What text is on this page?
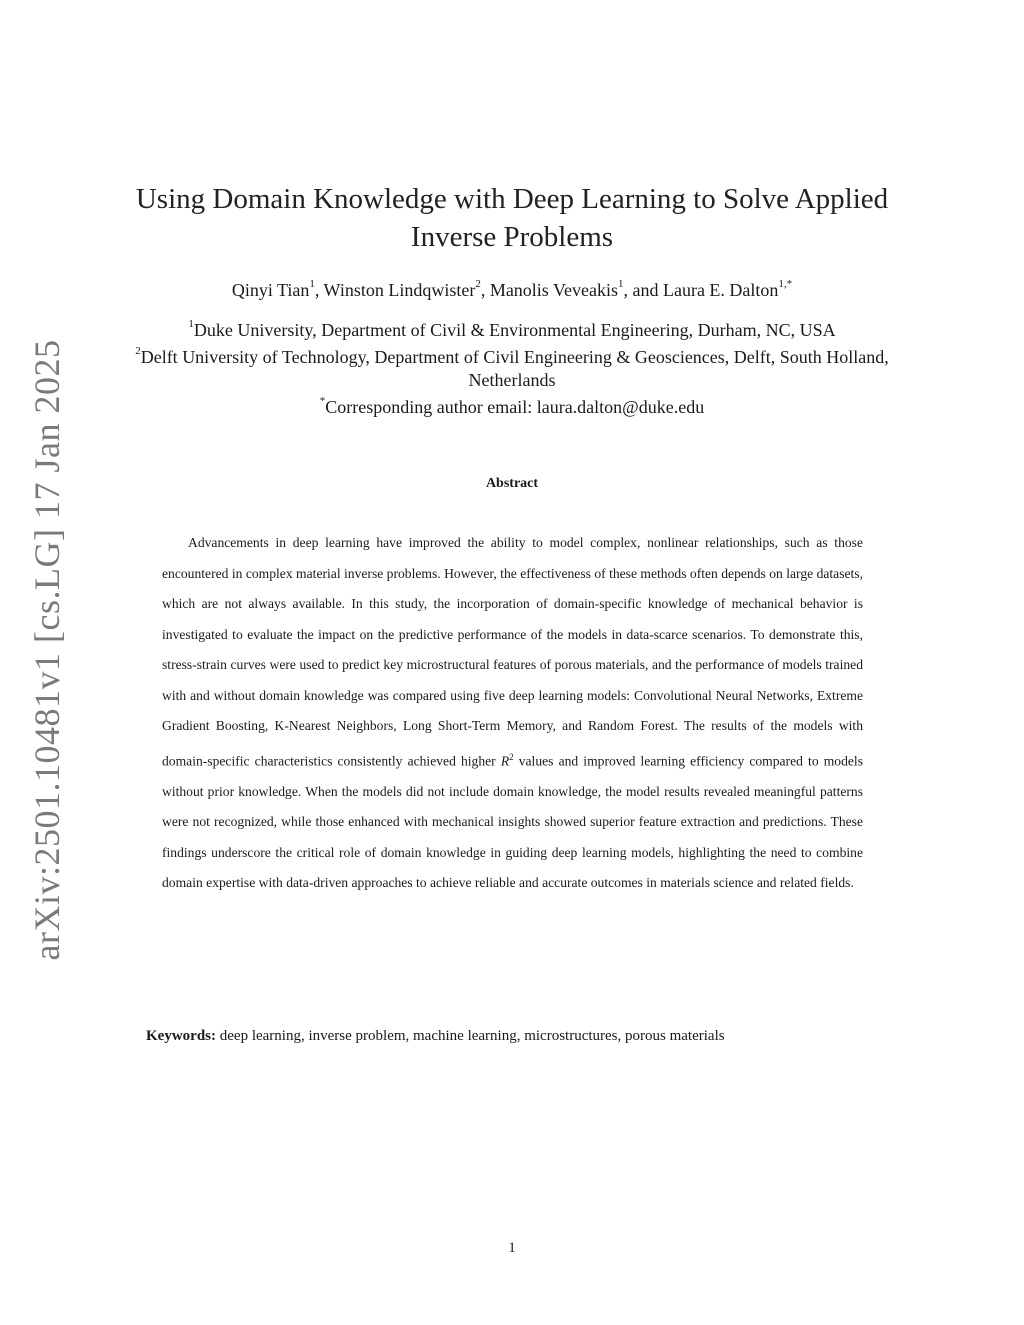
arXiv:2501.10481v1 [cs.LG] 17 Jan 2025
Using Domain Knowledge with Deep Learning to Solve Applied Inverse Problems
Qinyi Tian$^1$, Winston Lindqwister$^2$, Manolis Veveakis$^1$, and Laura E. Dalton$^{1,*}$
$^1$Duke University, Department of Civil & Environmental Engineering, Durham, NC, USA
$^2$Delft University of Technology, Department of Civil Engineering & Geosciences, Delft, South Holland, Netherlands
*Corresponding author email: laura.dalton@duke.edu
Abstract
Advancements in deep learning have improved the ability to model complex, nonlinear relationships, such as those encountered in complex material inverse problems. However, the effectiveness of these methods often depends on large datasets, which are not always available. In this study, the incorporation of domain-specific knowledge of mechanical behavior is investigated to evaluate the impact on the predictive performance of the models in data-scarce scenarios. To demonstrate this, stress-strain curves were used to predict key microstructural features of porous materials, and the performance of models trained with and without domain knowledge was compared using five deep learning models: Convolutional Neural Networks, Extreme Gradient Boosting, K-Nearest Neighbors, Long Short-Term Memory, and Random Forest. The results of the models with domain-specific characteristics consistently achieved higher $R^2$ values and improved learning efficiency compared to models without prior knowledge. When the models did not include domain knowledge, the model results revealed meaningful patterns were not recognized, while those enhanced with mechanical insights showed superior feature extraction and predictions. These findings underscore the critical role of domain knowledge in guiding deep learning models, highlighting the need to combine domain expertise with data-driven approaches to achieve reliable and accurate outcomes in materials science and related fields.
Keywords: deep learning, inverse problem, machine learning, microstructures, porous materials
1
